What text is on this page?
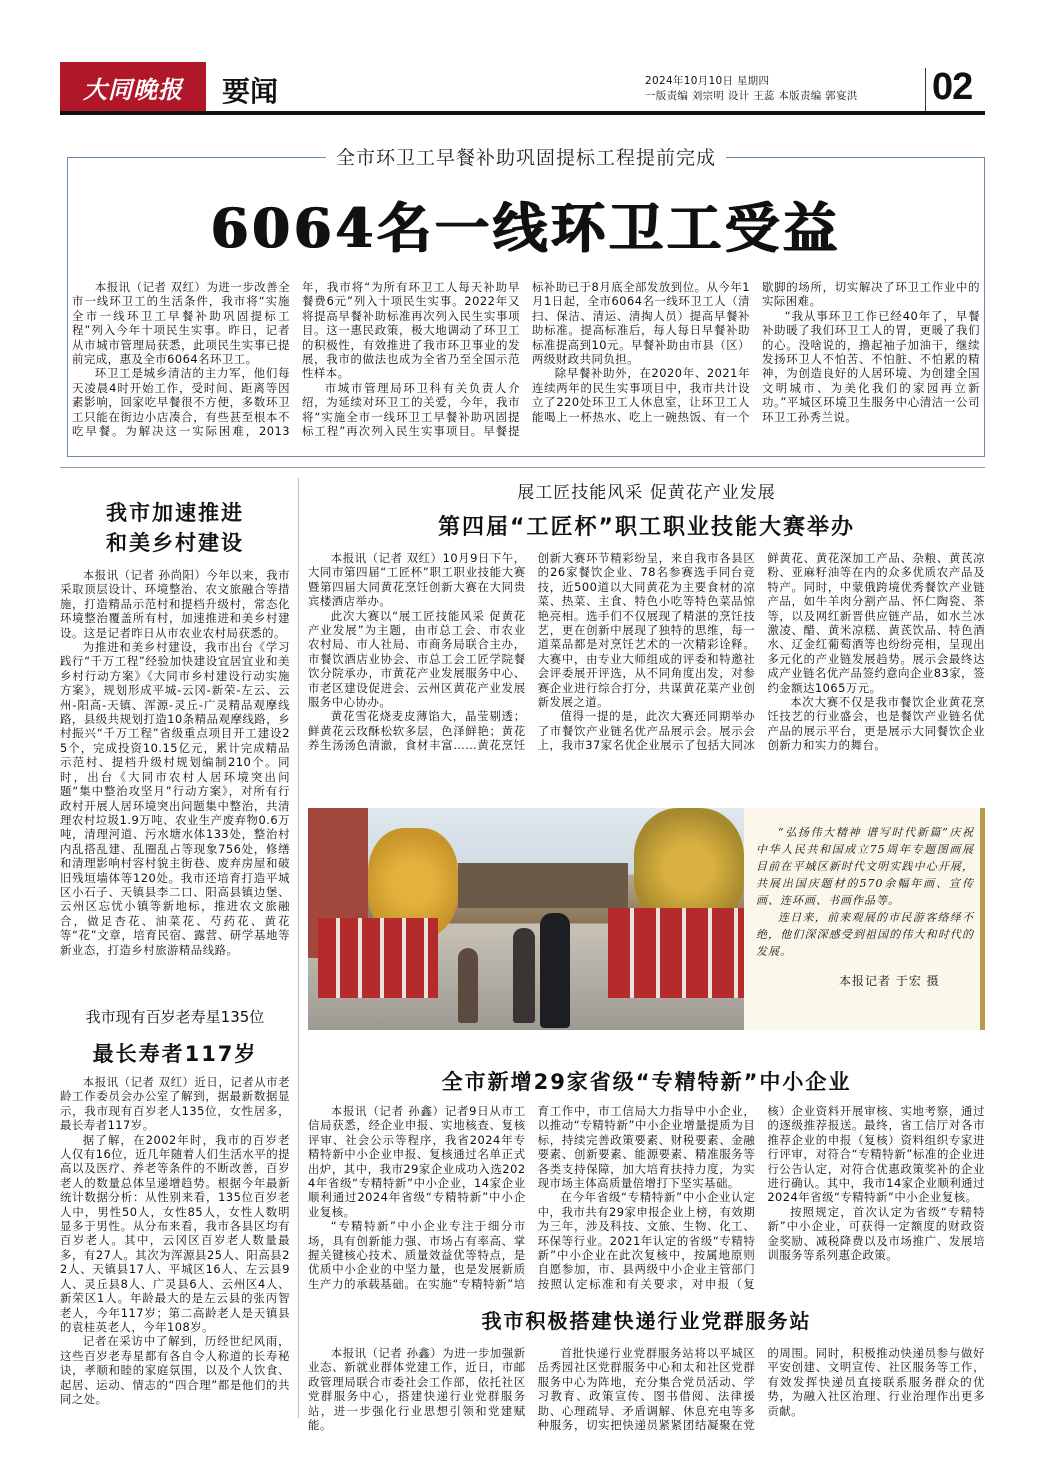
大同晚报 要闻	2024年10月10日 星期四
一版责编 刘宗明 设计 王蕊 本版责编 郭宴洪	02
全市环卫工早餐补助巩固提标工程提前完成
6064名一线环卫工受益

本报讯（记者 双红）为进一步改善全市一线环卫工的生活条件，我市将“实施全市一线环卫工早餐补助巩固提标工程”列入今年十项民生实事。昨日，记者从市城市管理局获悉，此项民生实事已提前完成，惠及全市6064名环卫工。

环卫工是城乡清洁的主力军，他们每天凌晨4时开始工作，受时间、距离等因素影响，回家吃早餐很不方便，多数环卫工只能在街边小店凑合，有些甚至根本不吃早餐。为解决这一实际困难，2013年，我市将“为所有环卫工人每天补助早餐费6元”列入十项民生实事。2022年又将提高早餐补助标准再次列入民生实事项目。这一惠民政策，极大地调动了环卫工的积极性，有效推进了我市环卫事业的发展，我市的做法也成为全省乃至全国示范性样本。

市城市管理局环卫科有关负责人介绍，为延续对环卫工的关爱，今年，我市将“实施全市一线环卫工早餐补助巩固提标工程”再次列入民生实事项目。早餐提标补助已于8月底全部发放到位。从今年1月1日起，全市6064名一线环卫工人（清扫、保洁、清运、清掏人员）提高早餐补助标准。提高标准后，每人每日早餐补助标准提高到10元。早餐补助由市县（区）两级财政共同负担。

除早餐补助外，在2020年、2021年连续两年的民生实事项目中，我市共计设立了220处环卫工人休息室，让环卫工人能喝上一杯热水、吃上一碗热饭、有一个歇脚的场所，切实解决了环卫工作业中的实际困难。

“我从事环卫工作已经40年了，早餐补助暖了我们环卫工人的胃，更暖了我们的心。没啥说的，撸起袖子加油干，继续发扬环卫人不怕苦、不怕脏、不怕累的精神，为创造良好的人居环境、为创建全国文明城市、为美化我们的家园再立新功。”平城区环境卫生服务中心清洁一公司环卫工孙秀兰说。

我市加速推进
和美乡村建设

本报讯（记者 孙尚阳）今年以来，我市采取顶层设计、环境整治、农文旅融合等措施，打造精品示范村和提档升级村，常态化环境整治覆盖所有村，加速推进和美乡村建设。这是记者昨日从市农业农村局获悉的。

为推进和美乡村建设，我市出台《学习践行“千万工程”经验加快建设宜居宜业和美乡村行动方案》《大同市乡村建设行动实施方案》，规划形成平城-云冈-新荣-左云、云州-阳高-天镇、浑源-灵丘-广灵精品观摩线路，县级共规划打造10条精品观摩线路，乡村振兴“千万工程”省级重点项目开工建设25个，完成投资10.15亿元，累计完成精品示范村、提档升级村规划编制210个。同时，出台《大同市农村人居环境突出问题“集中整治攻坚月”行动方案》，对所有行政村开展人居环境突出问题集中整治，共清理农村垃圾1.9万吨、农业生产废弃物0.6万吨，清理河道、污水塘水体133处，整治村内乱搭乱建、乱圈乱占等现象756处，修缮和清理影响村容村貌主街巷、废弃房屋和破旧残垣墙体等120处。我市还培育打造平城区小石子、天镇县李二口、阳高县镇边堡、云州区忘忧小镇等新地标，推进农文旅融合，做足杏花、油菜花、芍药花、黄花等“花”文章，培育民宿、露营、研学基地等新业态，打造乡村旅游精品线路。

展工匠技能风采 促黄花产业发展
第四届“工匠杯”职工职业技能大赛举办

本报讯（记者 双红）10月9日下午，大同市第四届“工匠杯”职工职业技能大赛暨第四届大同黄花烹饪创新大赛在大同贵宾楼酒店举办。

此次大赛以“展工匠技能风采 促黄花产业发展”为主题，由市总工会、市农业农村局、市人社局、市商务局联合主办，市餐饮酒店业协会、市总工会工匠学院餐饮分院承办，市黄花产业发展服务中心、市老区建设促进会、云州区黄花产业发展服务中心协办。

黄花雪花烧麦皮薄馅大，晶莹剔透；鲜黄花云玫酥松软多层，色泽鲜艳；黄花养生汤汤色清澈，食材丰富……黄花烹饪创新大赛环节精彩纷呈，来自我市各县区的26家餐饮企业、78名参赛选手同台竞技，近500道以大同黄花为主要食材的凉菜、热菜、主食、特色小吃等特色菜品惊艳亮相。选手们不仅展现了精湛的烹饪技艺，更在创新中展现了独特的思维，每一道菜品都是对烹饪艺术的一次精彩诠释。大赛中，由专业大师组成的评委和特邀社会评委展开评选，从不同角度出发，对参赛企业进行综合打分，共谋黄花菜产业创新发展之道。

值得一提的是，此次大赛还同期举办了市餐饮产业链名优产品展示会。展示会上，我市37家名优企业展示了包括大同冰鲜黄花、黄花深加工产品、杂粮、黄芪凉粉、亚麻籽油等在内的众多优质农产品及特产。同时，中蒙俄跨境优秀餐饮产业链产品，如牛羊肉分割产品、怀仁陶瓷、茶等，以及网红新晋供应链产品，如水兰冰激凌、醋、黄米凉糕、黄芪饮品、特色酒水、辽金红葡萄酒等也纷纷亮相，呈现出多元化的产业链发展趋势。展示会最终达成产业链名优产品签约意向企业83家，签约金额达1065万元。

本次大赛不仅是我市餐饮企业黄花烹饪技艺的行业盛会，也是餐饮产业链名优产品的展示平台，更是展示大同餐饮企业创新力和实力的舞台。

“弘扬伟大精神 谱写时代新篇”庆祝中华人民共和国成立75周年专题图画展目前在平城区新时代文明实践中心开展，共展出国庆题材的570余幅年画、宣传画、连环画、书画作品等。

连日来，前来观展的市民游客络绎不绝，他们深深感受到祖国的伟大和时代的发展。

本报记者 于宏 摄
我市现有百岁老寿星135位
最长寿者117岁

本报讯（记者 双红）近日，记者从市老龄工作委员会办公室了解到，据最新数据显示，我市现有百岁老人135位，女性居多，最长寿者117岁。

据了解，在2002年时，我市的百岁老人仅有16位，近几年随着人们生活水平的提高以及医疗、养老等条件的不断改善，百岁老人的数量总体呈递增趋势。根据今年最新统计数据分析：从性别来看，135位百岁老人中，男性50人，女性85人，女性人数明显多于男性。从分布来看，我市各县区均有百岁老人。其中，云冈区百岁老人数量最多，有27人。其次为浑源县25人、阳高县22人、天镇县17人、平城区16人、左云县9人、灵丘县8人、广灵县6人、云州区4人、新荣区1人。年龄最大的是左云县的张丙智老人，今年117岁；第二高龄老人是天镇县的袁桂英老人，今年108岁。

记者在采访中了解到，历经世纪风雨，这些百岁老寿星都有各自令人称道的长寿秘诀，孝顺和睦的家庭氛围，以及个人饮食、起居、运动、情志的“四合理”都是他们的共同之处。

全市新增29家省级“专精特新”中小企业

本报讯（记者 孙鑫）记者9日从市工信局获悉，经企业申报、实地核查、复核评审、社会公示等程序，我省2024年专精特新中小企业申报、复核通过名单正式出炉，其中，我市29家企业成功入选2024年省级“专精特新”中小企业，14家企业顺利通过2024年省级“专精特新”中小企业复核。

“专精特新”中小企业专注于细分市场，具有创新能力强、市场占有率高、掌握关键核心技术、质量效益优等特点，是优质中小企业的中坚力量，也是发展新质生产力的承载基础。在实施“专精特新”培育工作中，市工信局大力指导中小企业，以推动“专精特新”中小企业增量提质为目标，持续完善政策要素、财税要素、金融要素、创新要素、能源要素、精准服务等各类支持保障，加大培育扶持力度，为实现市场主体高质量倍增打下坚实基础。

在今年省级“专精特新”中小企业认定中，我市共有29家申报企业上榜，有效期为三年，涉及科技、文旅、生物、化工、环保等行业。2021年认定的省级“专精特新”中小企业在此次复核中，按属地原则自愿参加，市、县两级中小企业主管部门按照认定标准和有关要求，对申报（复核）企业资料开展审核、实地考察，通过的逐级推荐报送。最终，省工信厅对各市推荐企业的申报（复核）资料组织专家进行评审，对符合“专精特新”标准的企业进行公告认定，对符合优惠政策奖补的企业进行确认。其中，我市14家企业顺利通过2024年省级“专精特新”中小企业复核。

按照规定，首次认定为省级“专精特新”中小企业，可获得一定额度的财政资金奖励、减税降费以及市场推广、发展培训服务等系列惠企政策。

我市积极搭建快递行业党群服务站

本报讯（记者 孙鑫）为进一步加强新业态、新就业群体党建工作，近日，市邮政管理局联合市委社会工作部，依托社区党群服务中心，搭建快递行业党群服务站，进一步强化行业思想引领和党建赋能。

首批快递行业党群服务站将以平城区岳秀园社区党群服务中心和太和社区党群服务中心为阵地，充分集合党员活动、学习教育、政策宣传、图书借阅、法律援助、心理疏导、矛盾调解、休息充电等多种服务，切实把快递员紧紧团结凝聚在党的周围。同时，积极推动快递员参与做好平安创建、文明宣传、社区服务等工作，有效发挥快递员直接联系服务群众的优势，为融入社区治理、行业治理作出更多贡献。
